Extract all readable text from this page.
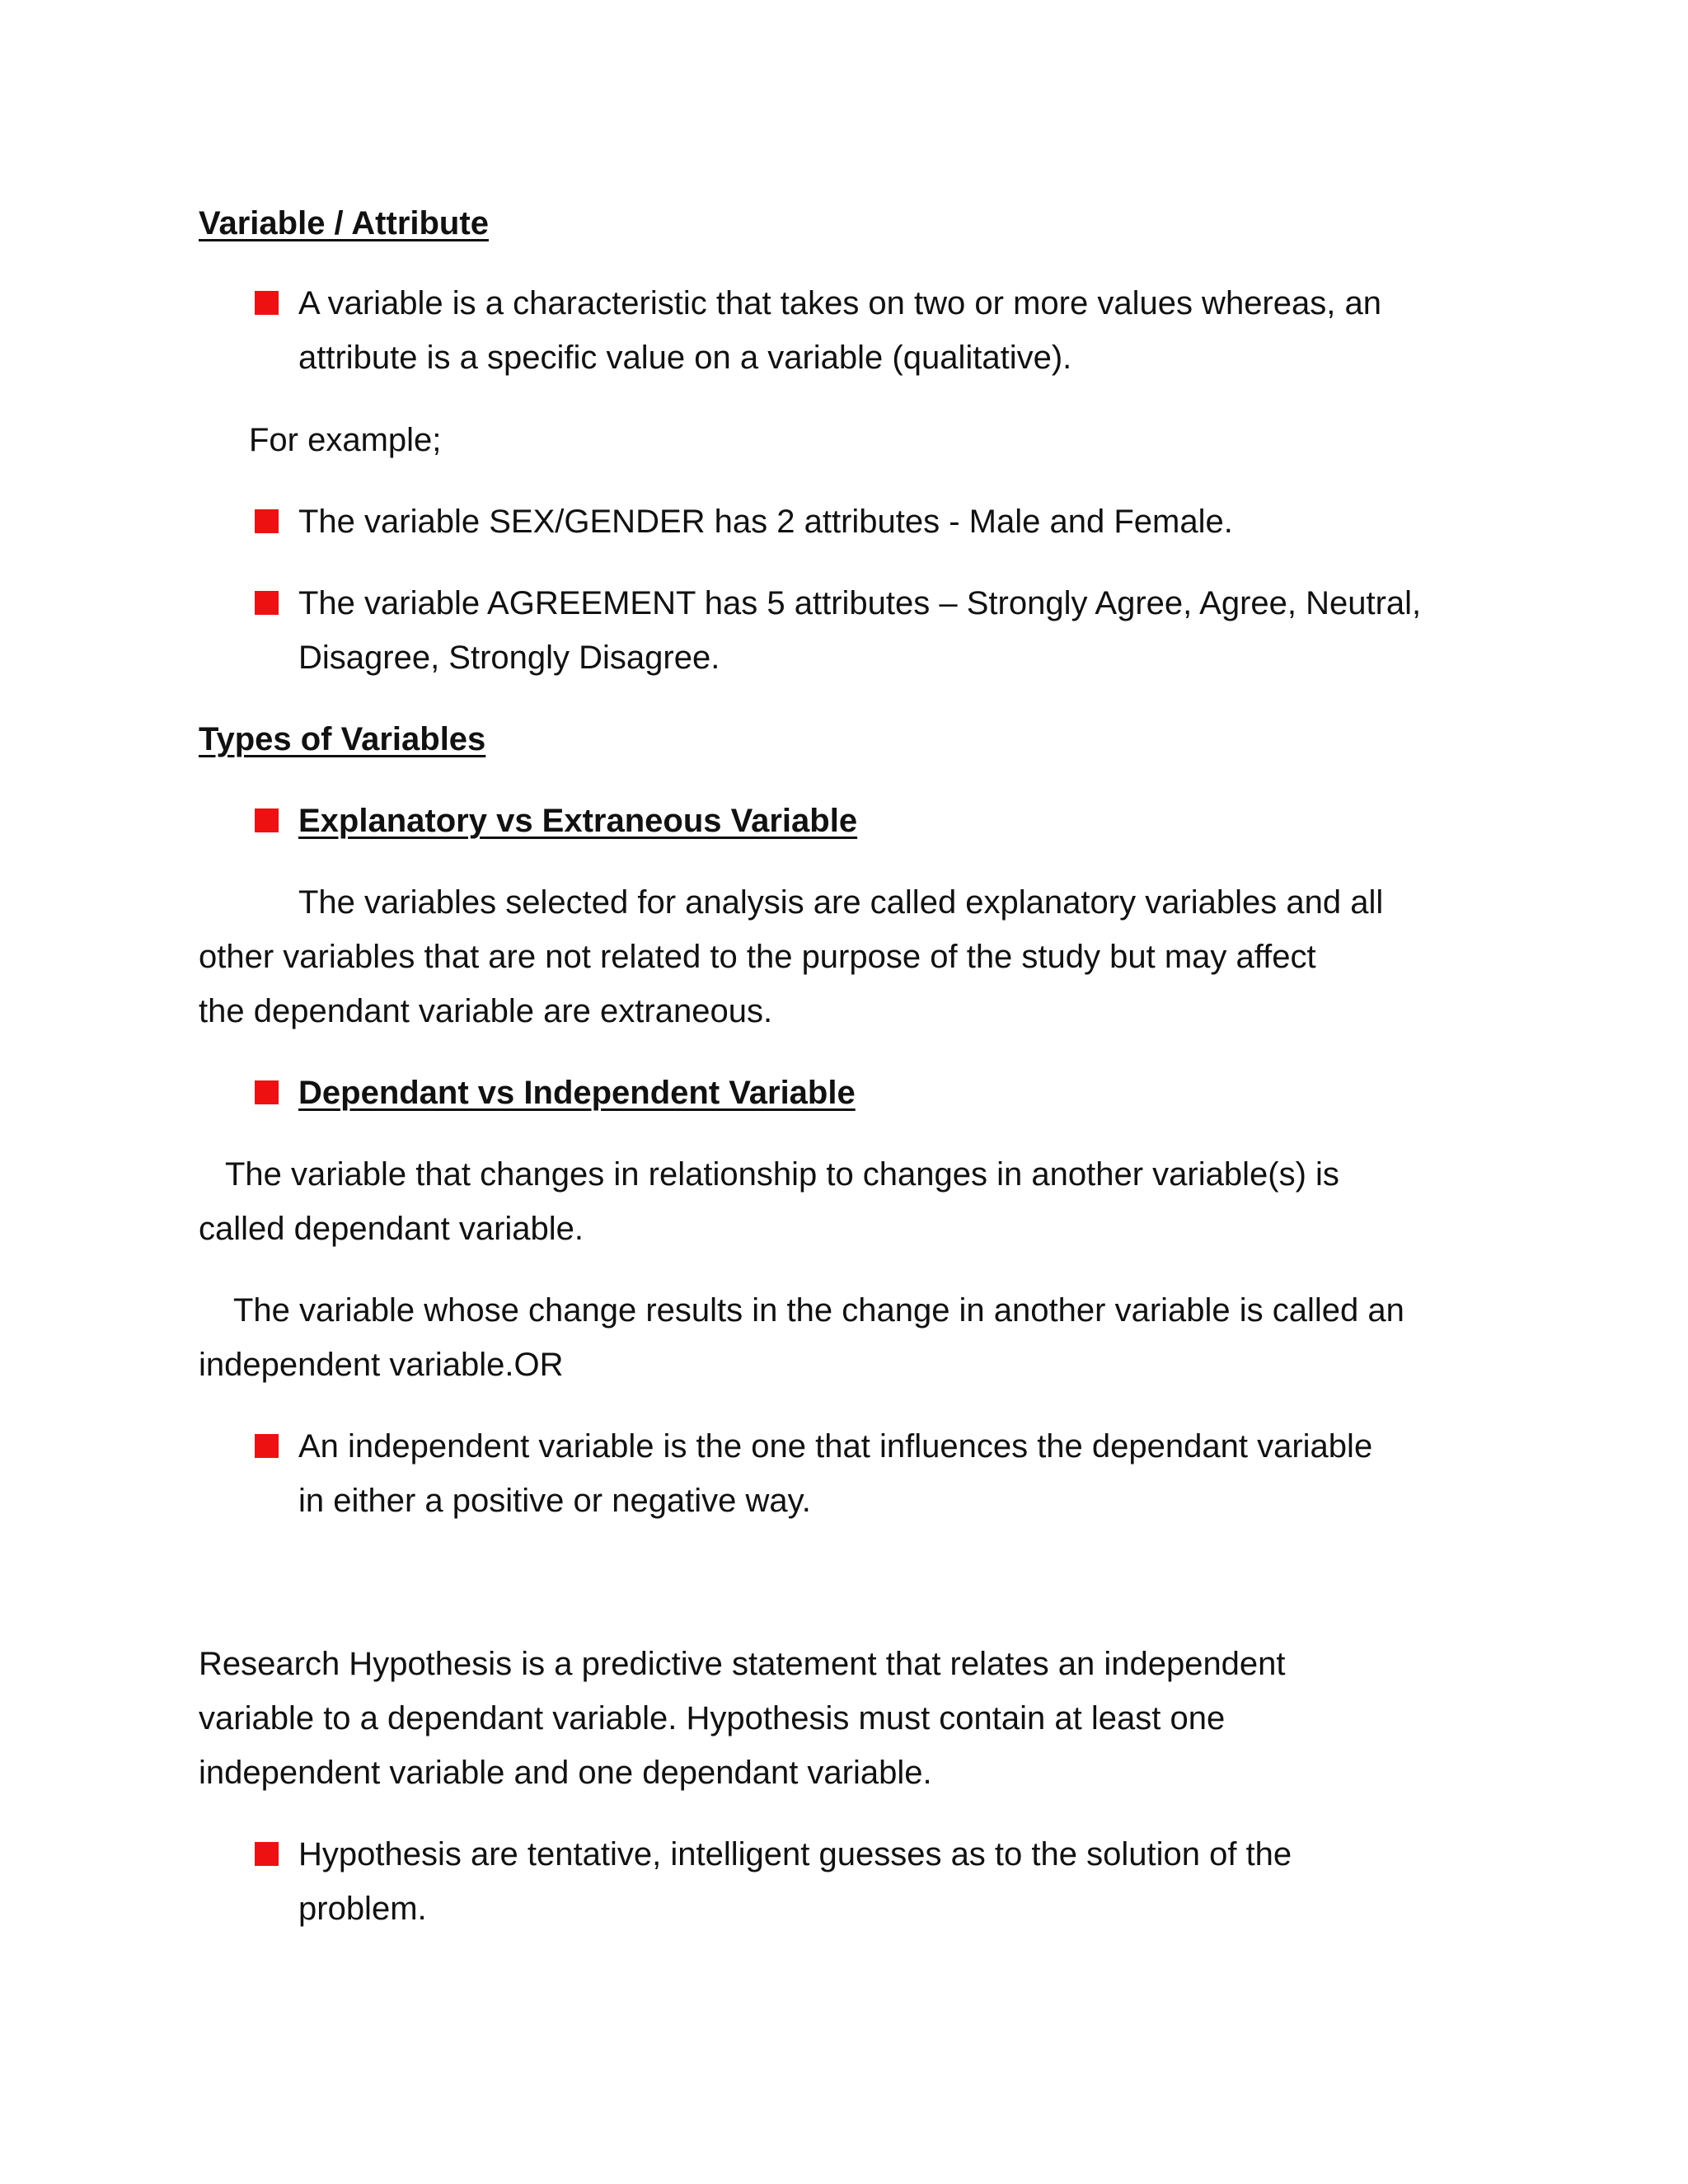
Variable / Attribute
A variable is a characteristic that takes on two or more values whereas, an
attribute is a specific value on a variable (qualitative).
For example;
The variable SEX/GENDER has 2 attributes - Male and Female.
The variable AGREEMENT has 5 attributes – Strongly Agree, Agree, Neutral,
Disagree, Strongly Disagree.
Types of Variables
Explanatory vs Extraneous Variable
The variables selected for analysis are called explanatory variables and all
other variables that are not related to the purpose of the study but may affect
the dependant variable are extraneous.
Dependant vs Independent Variable
The variable that changes in relationship to changes in another variable(s) is
called dependant variable.
The variable whose change results in the change in another variable is called an
independent variable.OR
An independent variable is the one that influences the dependant variable
in either a positive or negative way.
Research Hypothesis is a predictive statement that relates an independent
variable to a dependant variable. Hypothesis must contain at least one
independent variable and one dependant variable.
Hypothesis are tentative, intelligent guesses as to the solution of the
problem.
